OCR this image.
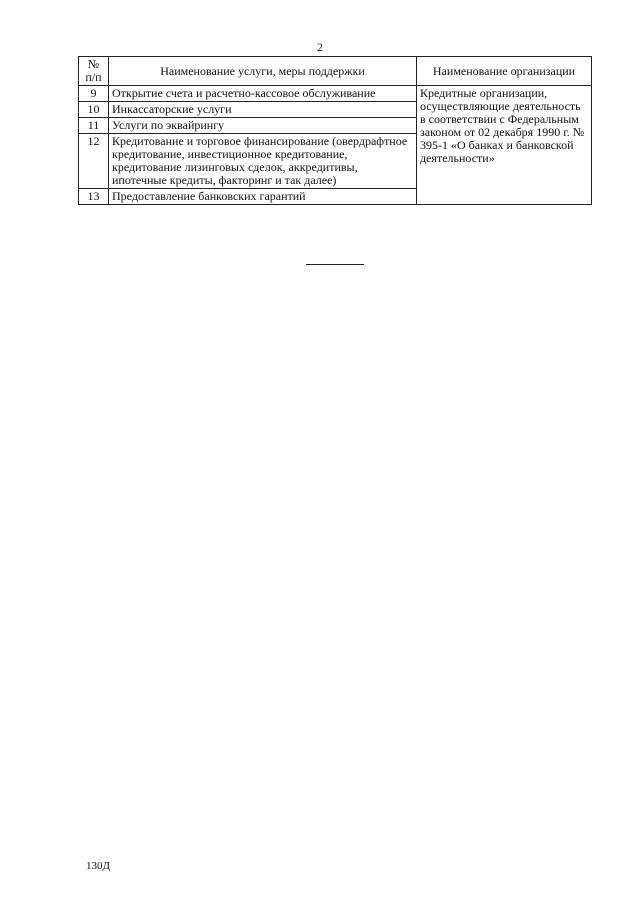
2
№
п/п	Наименование услуги, меры поддержки	Наименование организации
9	Открытие счета и расчетно-кассовое обслуживание	Кредитные организации, осуществляющие деятельность в соответствии с Федеральным законом от 02 декабря 1990 г. № 395-1 «О банках и банковской деятельности»
10	Инкассаторские услуги	
11	Услуги по эквайрингу	
12	Кредитование и торговое финансирование (овердрафтное кредитование, инвестиционное кредитование, кредитование лизинговых сделок, аккредитивы, ипотечные кредиты, факторинг и так далее)	
13	Предоставление банковских гарантий	
130Д
